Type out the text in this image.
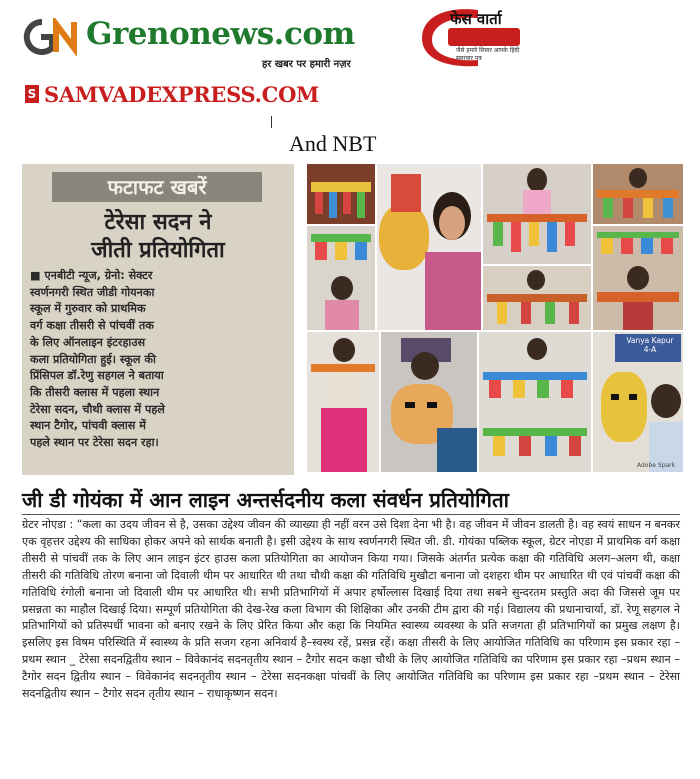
Grenonews.com
हर खबर पर हमारी नज़र
फेस वार्ता
जैसे हमारे विचार आपके हिंदी समाचार पत्र
S SAMVADEXPRESS.COM
And NBT
फटाफट खबरें
टेरेसा सदन ने
जीती प्रतियोगिता
■ एनबीटी न्यूज, ग्रेनो: सेक्टर
स्वर्णनगरी स्थित जीडी गोयनका
स्कूल में गुरुवार को प्राथमिक
वर्ग कक्षा तीसरी से पांचवीं तक
के लिए ऑनलाइन इंटरहाउस
कला प्रतियोगिता हुई। स्कूल की
प्रिंसिपल डॉ.रेणु सहगल ने बताया
कि तीसरी क्लास में पहला स्थान
टेरेसा सदन, चौथी क्लास में पहले
स्थान टैगोर, पांचवी क्लास में
पहले स्थान पर टेरेसा सदन रहा।
Vanya Kapur
4-A
Adobe Spark
जी डी गोयंका में आन लाइन अन्तर्सदनीय कला संवर्धन प्रतियोगिता
ग्रेटर नोएडा : “कला का उदय जीवन से है, उसका उद्देश्य जीवन की व्याख्या ही नहीं वरन उसे दिशा देना भी है। वह जीवन में जीवन डालती है। वह स्वयं साधन न बनकर एक वृहत्तर उद्देश्य की साधिका होकर अपने को सार्थक बनाती है। इसी उद्देश्य के साथ स्वर्णनगरी स्थित जी. डी. गोयंका पब्लिक स्कूल, ग्रेटर नोएडा में प्राथमिक वर्ग कक्षा तीसरी से पांचवीं तक के लिए आन लाइन इंटर हाउस कला प्रतियोगिता का आयोजन किया गया। जिसके अंतर्गत प्रत्येक कक्षा की गतिविधि अलग–अलग थी, कक्षा तीसरी की गतिविधि तोरण बनाना जो दिवाली थीम पर आधारित थी तथा चौथी कक्षा की गतिविधि मुखौटा बनाना जो दशहरा थीम पर आधारित थी एवं पांचवीं कक्षा की गतिविधि रंगोली बनाना जो दिवाली थीम पर आधारित थी। सभी प्रतिभागियों में अपार हर्षोल्लास दिखाई दिया तथा सबने सुन्दरतम प्रस्तुति अदा की जिससे जूम पर प्रसन्नता का माहौल दिखाई दिया। सम्पूर्ण प्रतियोगिता की देख-रेख कला विभाग की शिक्षिका और उनकी टीम द्वारा की गई। विद्यालय की प्रधानाचार्या, डॉ. रेणू सहगल ने प्रतिभागियों को प्रतिस्पर्धी भावना को बनाए रखने के लिए प्रेरित किया और कहा कि नियमित स्वास्थ्य व्यवस्था के प्रति सजगता ही प्रतिभागियों का प्रमुख लक्षण है। इसलिए इस विषम परिस्थिति में स्वास्थ्य के प्रति सजग रहना अनिवार्य है–स्वस्थ रहें, प्रसन्न रहें। कक्षा तीसरी के लिए आयोजित गतिविधि का परिणाम इस प्रकार रहा –प्रथम स्थान _ टेरेसा सदनद्वितीय स्थान – विवेकानंद सदनतृतीय स्थान – टैगोर सदन कक्षा चौथी के लिए आयोजित गतिविधि का परिणाम इस प्रकार रहा –प्रथम स्थान – टैगोर सदन द्वितीय स्थान – विवेकानंद सदनतृतीय स्थान – टेरेसा सदनकक्षा पांचवीं के लिए आयोजित गतिविधि का परिणाम इस प्रकार रहा –प्रथम स्थान – टेरेसा सदनद्वितीय स्थान – टैगोर सदन तृतीय स्थान – राधाकृष्णन सदन।
